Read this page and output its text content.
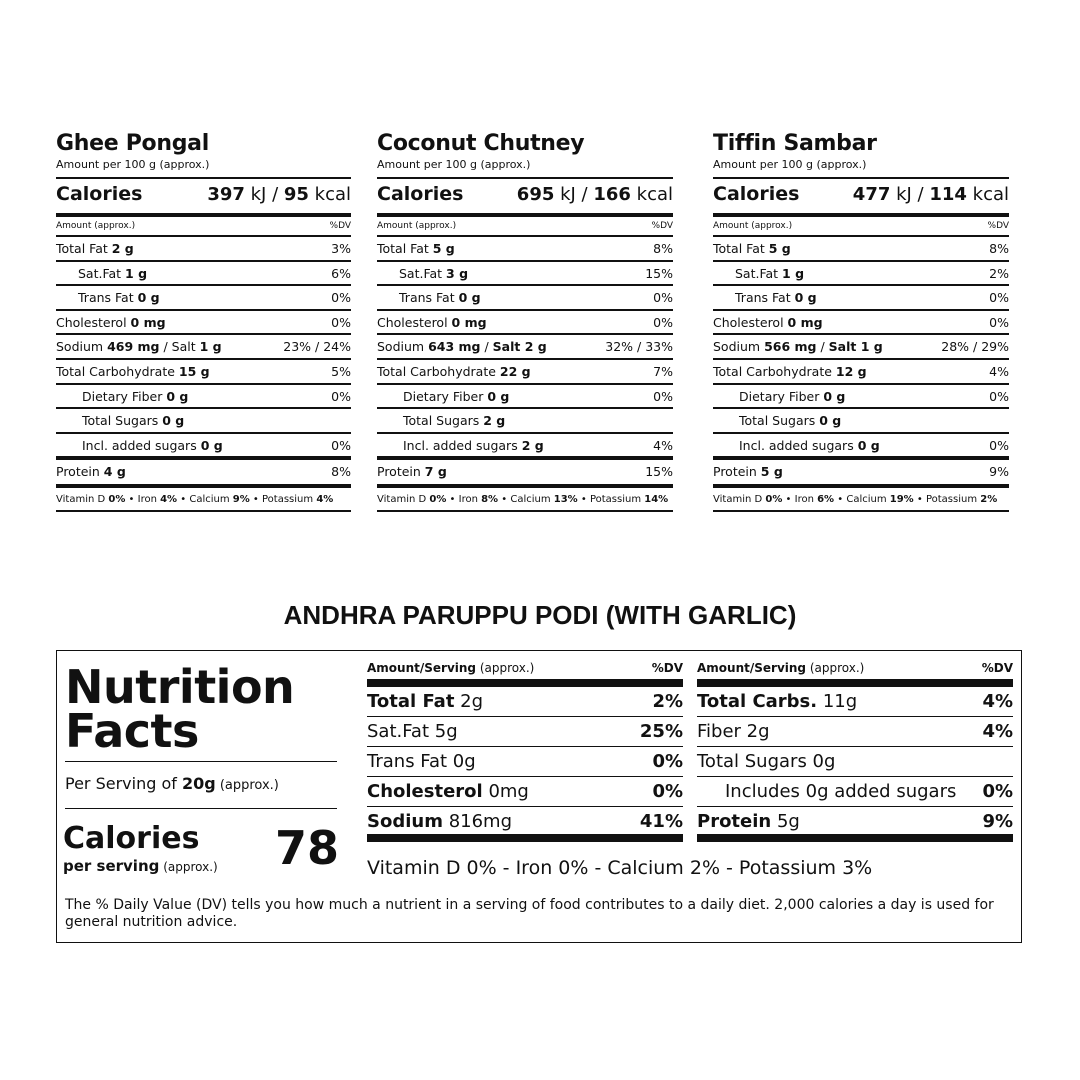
Ghee Pongal
Amount per 100 g (approx.)
Calories	397 kJ / 95 kcal
Amount (approx.)	%DV
Total Fat 2 g	3%
Sat.Fat 1 g	6%
Trans Fat 0 g	0%
Cholesterol 0 mg	0%
Sodium 469 mg / Salt 1 g	23% / 24%
Total Carbohydrate 15 g	5%
Dietary Fiber 0 g	0%
Total Sugars 0 g
Incl. added sugars 0 g	0%
Protein 4 g	8%
Vitamin D 0% • Iron 4% • Calcium 9% • Potassium 4%
Coconut Chutney
Amount per 100 g (approx.)
Calories	695 kJ / 166 kcal
Amount (approx.)	%DV
Total Fat 5 g	8%
Sat.Fat 3 g	15%
Trans Fat 0 g	0%
Cholesterol 0 mg	0%
Sodium 643 mg / Salt 2 g	32% / 33%
Total Carbohydrate 22 g	7%
Dietary Fiber 0 g	0%
Total Sugars 2 g
Incl. added sugars 2 g	4%
Protein 7 g	15%
Vitamin D 0% • Iron 8% • Calcium 13% • Potassium 14%
Tiffin Sambar
Amount per 100 g (approx.)
Calories	477 kJ / 114 kcal
Amount (approx.)	%DV
Total Fat 5 g	8%
Sat.Fat 1 g	2%
Trans Fat 0 g	0%
Cholesterol 0 mg	0%
Sodium 566 mg / Salt 1 g	28% / 29%
Total Carbohydrate 12 g	4%
Dietary Fiber 0 g	0%
Total Sugars 0 g
Incl. added sugars 0 g	0%
Protein 5 g	9%
Vitamin D 0% • Iron 6% • Calcium 19% • Potassium 2%
ANDHRA PARUPPU PODI (WITH GARLIC)
Nutrition
Facts
Per Serving of 20g (approx.)
Calories
per serving (approx.) 78
Amount/Serving (approx.)	%DV
Total Fat 2g	2%
Sat.Fat 5g	25%
Trans Fat 0g	0%
Cholesterol 0mg	0%
Sodium 816mg	41%
Amount/Serving (approx.)	%DV
Total Carbs. 11g	4%
Fiber 2g	4%
Total Sugars 0g
Includes 0g added sugars 0%
Protein 5g	9%
Vitamin D 0% - Iron 0% - Calcium 2% - Potassium 3%
The % Daily Value (DV) tells you how much a nutrient in a serving of food contributes to a daily diet. 2,000 calories a day is used for general nutrition advice.
